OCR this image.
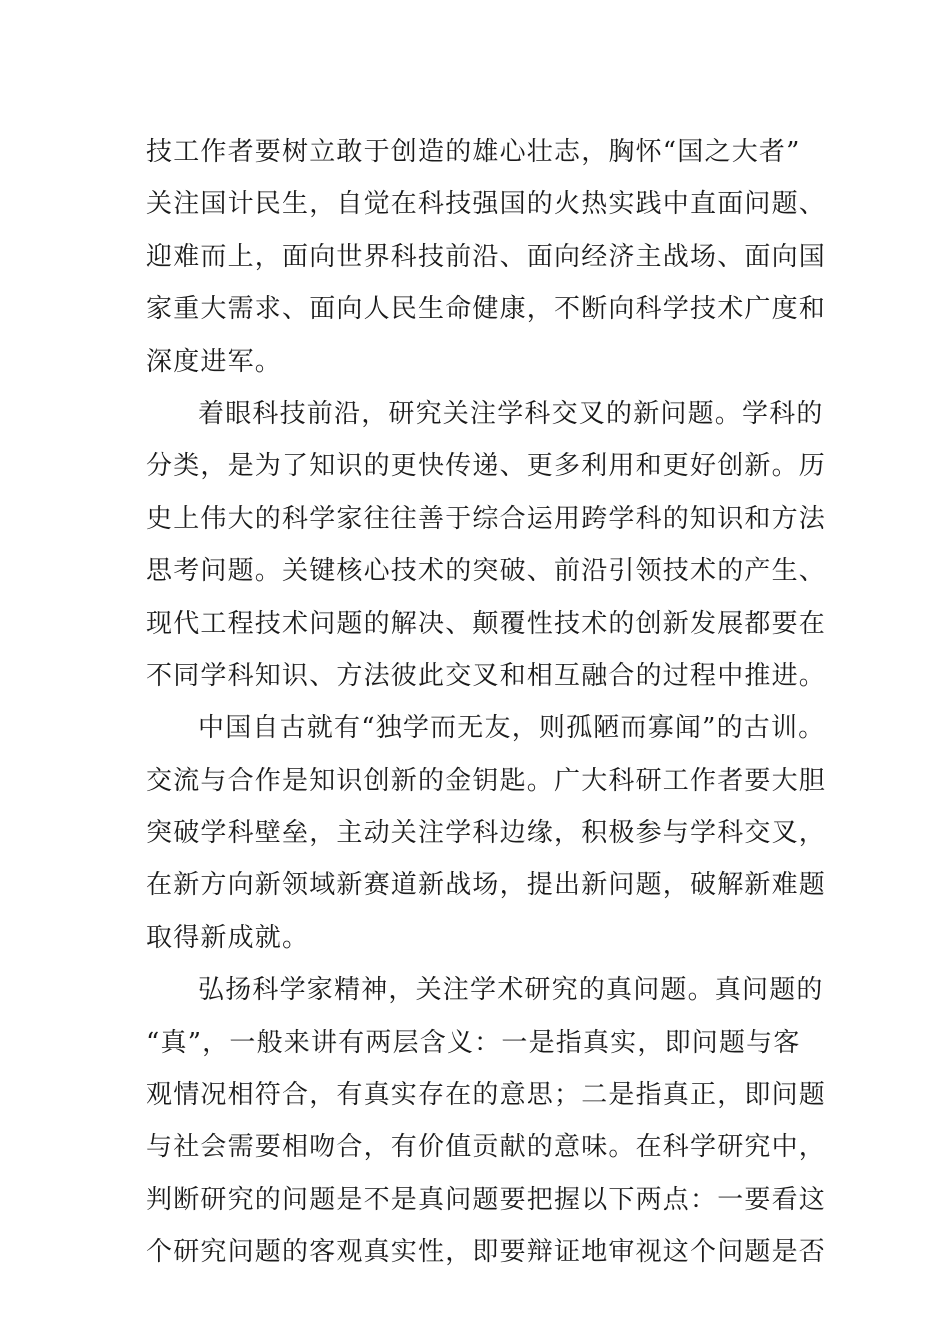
技工作者要树立敢于创造的雄心壮志，胸怀“国之大者”
关注国计民生，自觉在科技强国的火热实践中直面问题、
迎难而上，面向世界科技前沿、面向经济主战场、面向国
家重大需求、面向人民生命健康，不断向科学技术广度和
深度进军。
着眼科技前沿，研究关注学科交叉的新问题。学科的
分类，是为了知识的更快传递、更多利用和更好创新。历
史上伟大的科学家往往善于综合运用跨学科的知识和方法
思考问题。关键核心技术的突破、前沿引领技术的产生、
现代工程技术问题的解决、颠覆性技术的创新发展都要在
不同学科知识、方法彼此交叉和相互融合的过程中推进。
中国自古就有“独学而无友，则孤陋而寡闻”的古训。
交流与合作是知识创新的金钥匙。广大科研工作者要大胆
突破学科壁垒，主动关注学科边缘，积极参与学科交叉，
在新方向新领域新赛道新战场，提出新问题，破解新难题
取得新成就。
弘扬科学家精神，关注学术研究的真问题。真问题的
“真”，一般来讲有两层含义：一是指真实，即问题与客
观情况相符合，有真实存在的意思；二是指真正，即问题
与社会需要相吻合，有价值贡献的意味。在科学研究中，
判断研究的问题是不是真问题要把握以下两点：一要看这
个研究问题的客观真实性，即要辩证地审视这个问题是否
